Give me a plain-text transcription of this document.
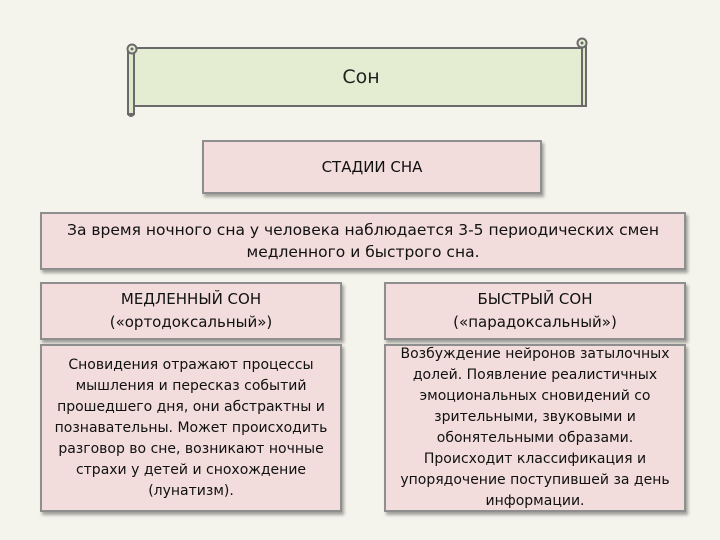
Сон
СТАДИИ СНА
За время ночного сна у человека наблюдается 3-5 периодических смен медленного и быстрого сна.
МЕДЛЕННЫЙ СОН
(«ортодоксальный»)
БЫСТРЫЙ СОН
(«парадоксальный»)
Сновидения отражают процессы мышления и пересказ событий прошедшего дня, они абстрактны и познавательны. Может происходить разговор во сне, возникают ночные страхи у детей и снохождение (лунатизм).
Возбуждение нейронов затылочных долей. Появление реалистичных эмоциональных сновидений со зрительными, звуковыми и обонятельными образами. Происходит классификация и упорядочение поступившей за день информации.
